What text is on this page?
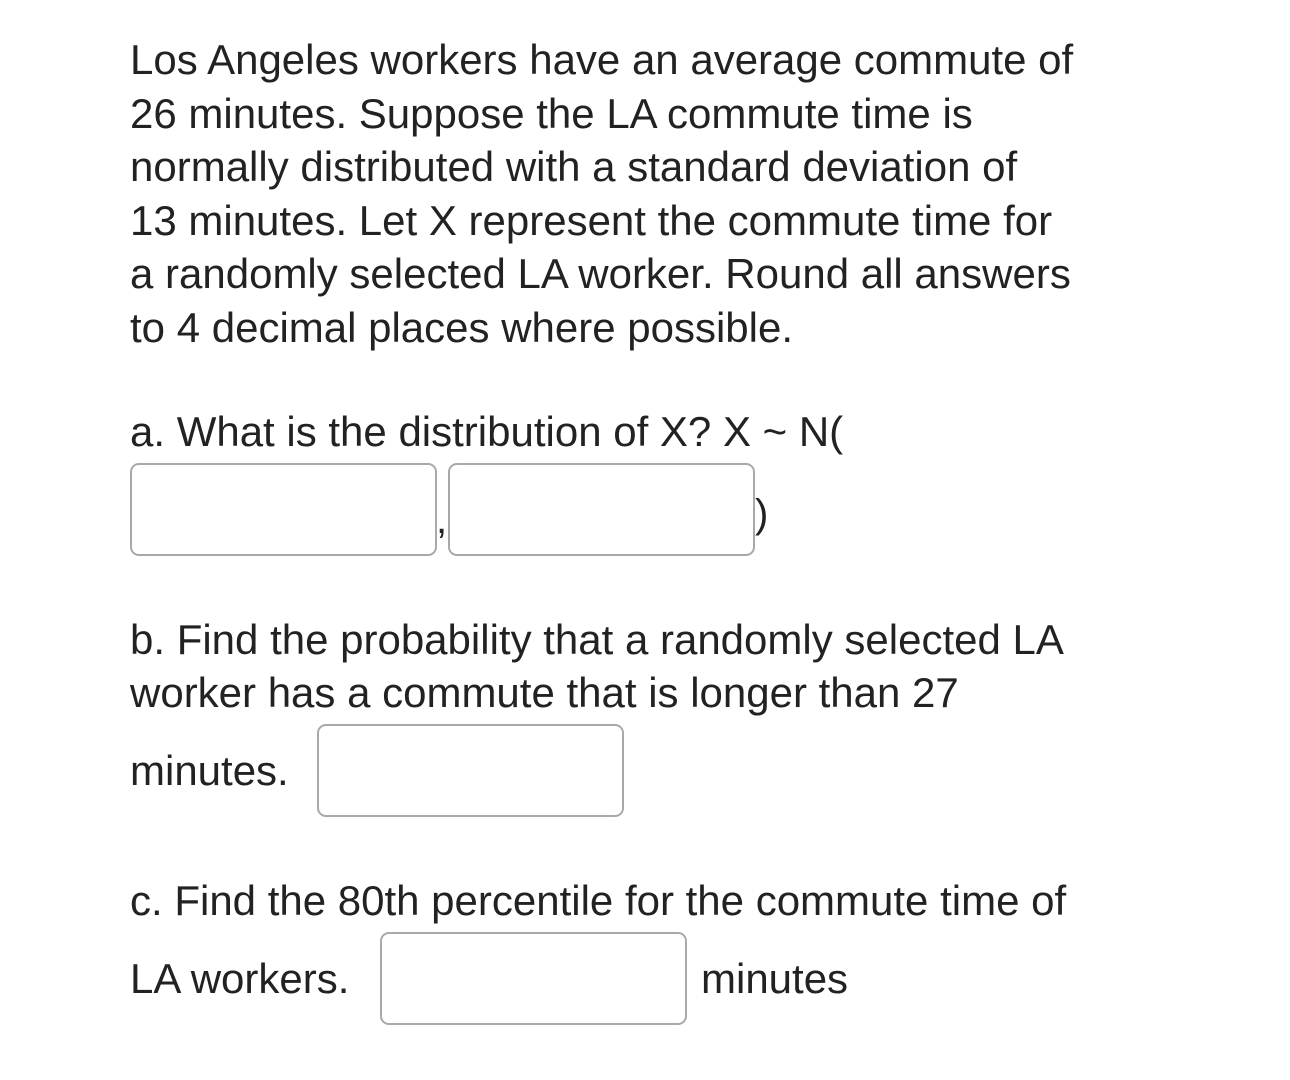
Los Angeles workers have an average commute of
26 minutes. Suppose the LA commute time is
normally distributed with a standard deviation of
13 minutes. Let X represent the commute time for
a randomly selected LA worker. Round all answers
to 4 decimal places where possible.

a. What is the distribution of X? X ~ N(
,	)
b. Find the probability that a randomly selected LA
worker has a commute that is longer than 27
minutes.
c. Find the 80th percentile for the commute time of
LA workers.	minutes
